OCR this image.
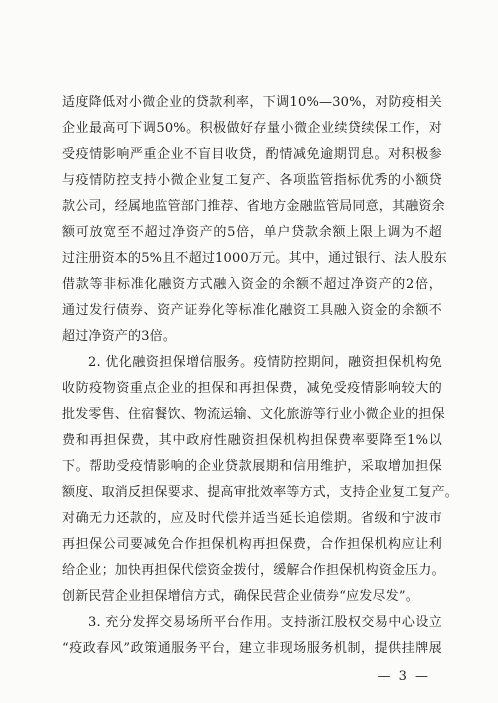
适度降低对小微企业的贷款利率，下调10%—30%，对防疫相关
企业最高可下调50%。积极做好存量小微企业续贷续保工作，对
受疫情影响严重企业不盲目收贷，酌情减免逾期罚息。对积极参
与疫情防控支持小微企业复工复产、各项监管指标优秀的小额贷
款公司，经属地监管部门推荐、省地方金融监管局同意，其融资余
额可放宽至不超过净资产的5倍，单户贷款余额上限上调为不超
过注册资本的5%且不超过1000万元。其中，通过银行、法人股东
借款等非标准化融资方式融入资金的余额不超过净资产的2倍，
通过发行债券、资产证券化等标准化融资工具融入资金的余额不
超过净资产的3倍。
2. 优化融资担保增信服务。疫情防控期间，融资担保机构免
收防疫物资重点企业的担保和再担保费，减免受疫情影响较大的
批发零售、住宿餐饮、物流运输、文化旅游等行业小微企业的担保
费和再担保费，其中政府性融资担保机构担保费率要降至1%以
下。帮助受疫情影响的企业贷款展期和信用维护，采取增加担保
额度、取消反担保要求、提高审批效率等方式，支持企业复工复产。
对确无力还款的，应及时代偿并适当延长追偿期。省级和宁波市
再担保公司要减免合作担保机构再担保费，合作担保机构应让利
给企业；加快再担保代偿资金拨付，缓解合作担保机构资金压力。
创新民营企业担保增信方式，确保民营企业债券“应发尽发”。
3. 充分发挥交易场所平台作用。支持浙江股权交易中心设立
“疫政春风”政策通服务平台，建立非现场服务机制，提供挂牌展
— 3 —
